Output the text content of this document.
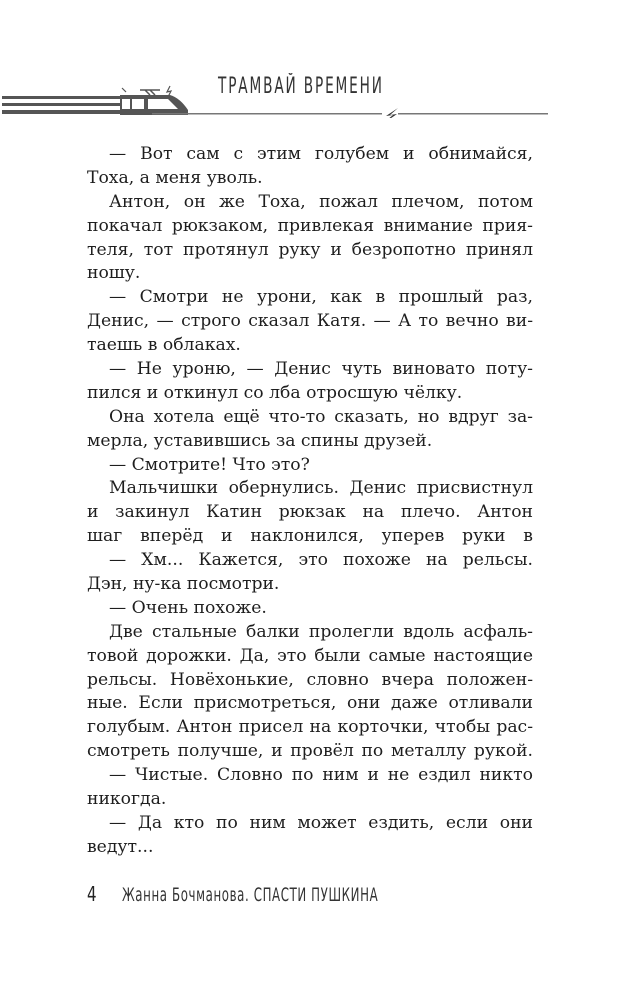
ТРАМВАЙ ВРЕМЕНИ
— Вот сам с этим голубем и обнимайся,
Тоха, а меня уволь.
Антон, он же Тоха, пожал плечом, потом
покачал рюкзаком, привлекая внимание прия-
теля, тот протянул руку и безропотно принял
ношу.
— Смотри не урони, как в прошлый раз,
Денис, — строго сказал Катя. — А то вечно ви-
таешь в облаках.
— Не уроню, — Денис чуть виновато поту-
пился и откинул со лба отросшую чёлку.
Она хотела ещё что-то сказать, но вдруг за-
мерла, уставившись за спины друзей.
— Смотрите! Что это?
Мальчишки обернулись. Денис присвистнул
и закинул Катин рюкзак на плечо. Антон
шаг вперёд и наклонился, уперев руки в
— Хм... Кажется, это похоже на рельсы.
Дэн, ну-ка посмотри.
— Очень похоже.
Две стальные балки пролегли вдоль асфаль-
товой дорожки. Да, это были самые настоящие
рельсы. Новёхонькие, словно вчера положен-
ные. Если присмотреться, они даже отливали
голубым. Антон присел на корточки, чтобы рас-
смотреть получше, и провёл по металлу рукой.
— Чистые. Словно по ним и не ездил никто
никогда.
— Да кто по ним может ездить, если они
ведут...
4 Жанна Бочманова. СПАСТИ ПУШКИНА
